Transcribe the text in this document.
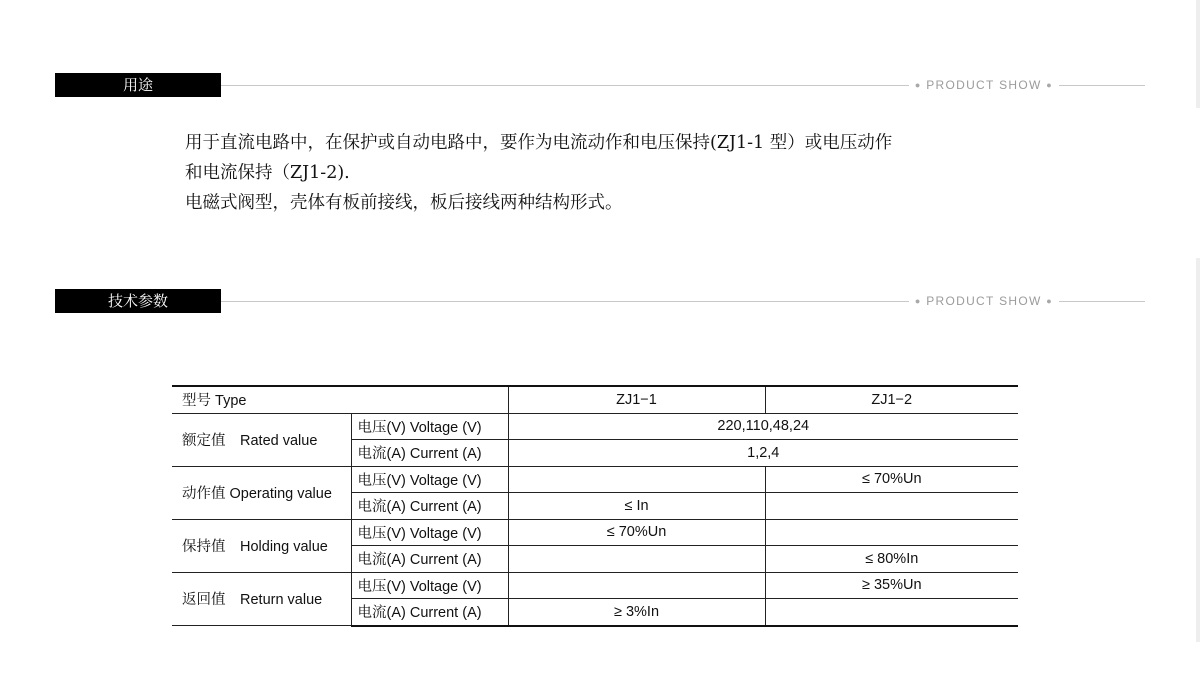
用途	● PRODUCT SHOW ●

用于直流电路中，在保护或自动电路中，要作为电流动作和电压保持(ZJ1-1 型）或电压动作

和电流保持（ZJ1-2).

电磁式阀型，壳体有板前接线，板后接线两种结构形式。

技术参数	● PRODUCT SHOW ●
型号 Type		ZJ1−1	ZJ1−2
额定值　Rated value	电压(V) Voltage (V)	220,110,48,24	
	电流(A) Current (A)	1,2,4	
动作值 Operating value	电压(V) Voltage (V)		≤ 70%Un
	电流(A) Current (A)	≤ In	
保持值　Holding value	电压(V) Voltage (V)	≤ 70%Un	
	电流(A) Current (A)		≤ 80%In
返回值　Return value	电压(V) Voltage (V)		≥ 35%Un
	电流(A) Current (A)	≥ 3%In	
